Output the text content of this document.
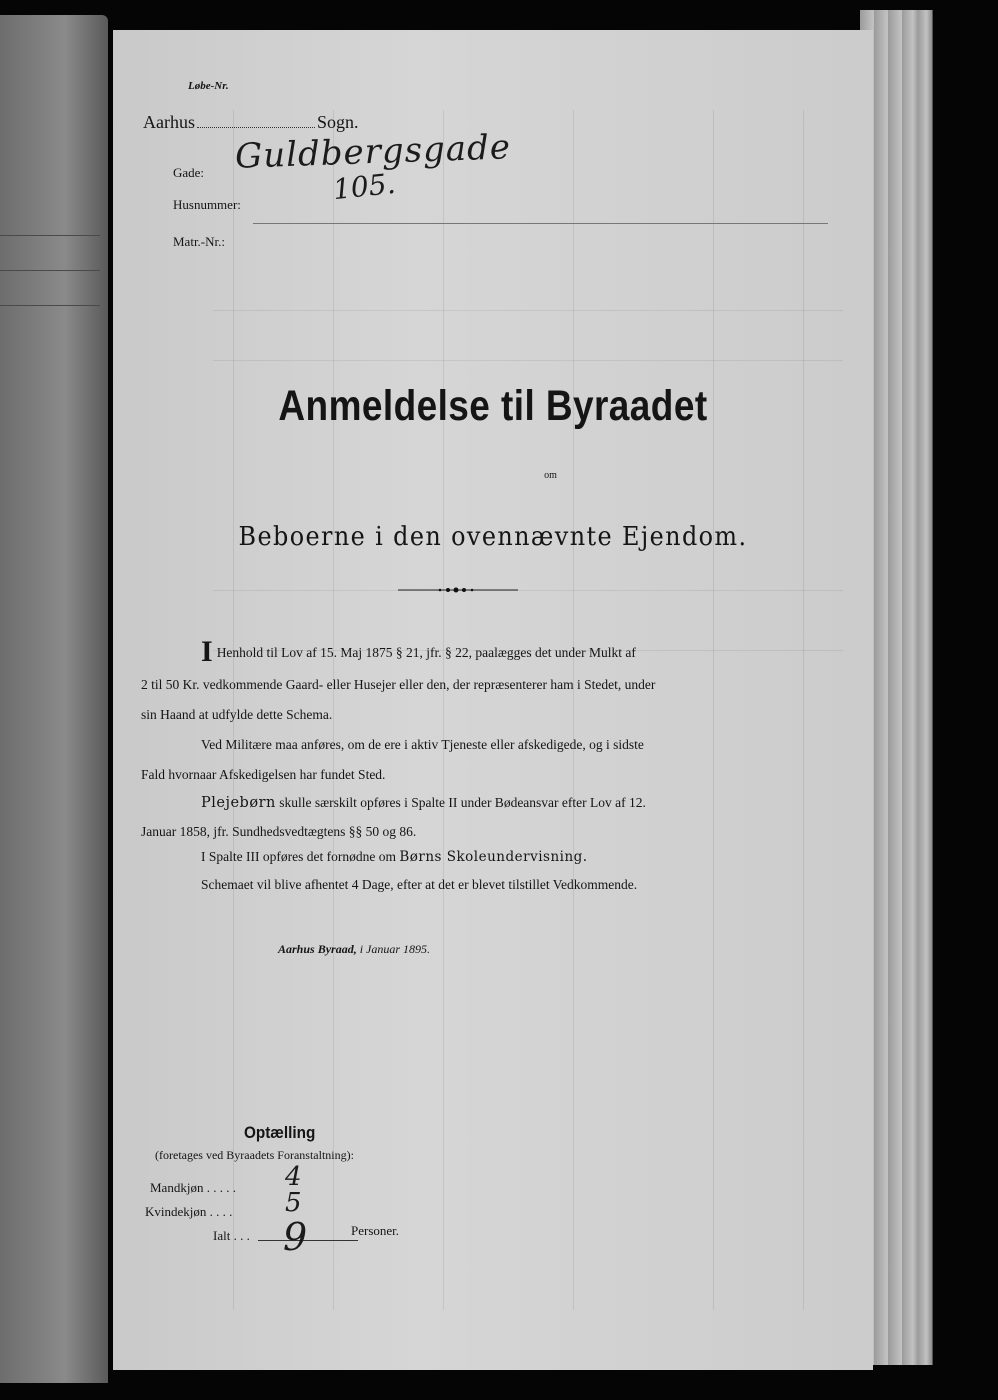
Løbe-Nr.
Aarhus	Sogn.
Gade: Guldbergsgade
Husnummer:	105.
Matr.-Nr.:
Anmeldelse til Byraadet
om
Beboerne i den ovennævnte Ejendom.
I Henhold til Lov af 15. Maj 1875 § 21, jfr. § 22, paalægges det under Mulkt af
2 til 50 Kr. vedkommende Gaard- eller Husejer eller den, der repræsenterer ham i Stedet, under
sin Haand at udfylde dette Schema.
Ved Militære maa anføres, om de ere i aktiv Tjeneste eller afskedigede, og i sidste
Fald hvornaar Afskedigelsen har fundet Sted.
Plejebørn skulle særskilt opføres i Spalte II under Bødeansvar efter Lov af 12.
Januar 1858, jfr. Sundhedsvedtægtens §§ 50 og 86.
I Spalte III opføres det fornødne om Børns Skoleundervisning.
Schemaet vil blive afhentet 4 Dage, efter at det er blevet tilstillet Vedkommende.
Aarhus Byraad, i Januar 1895.
Optælling
(foretages ved Byraadets Foranstaltning):
Mandkjøn . . . . . 4
Kvindekjøn . . . . 5
Ialt . . . 9	Personer.
